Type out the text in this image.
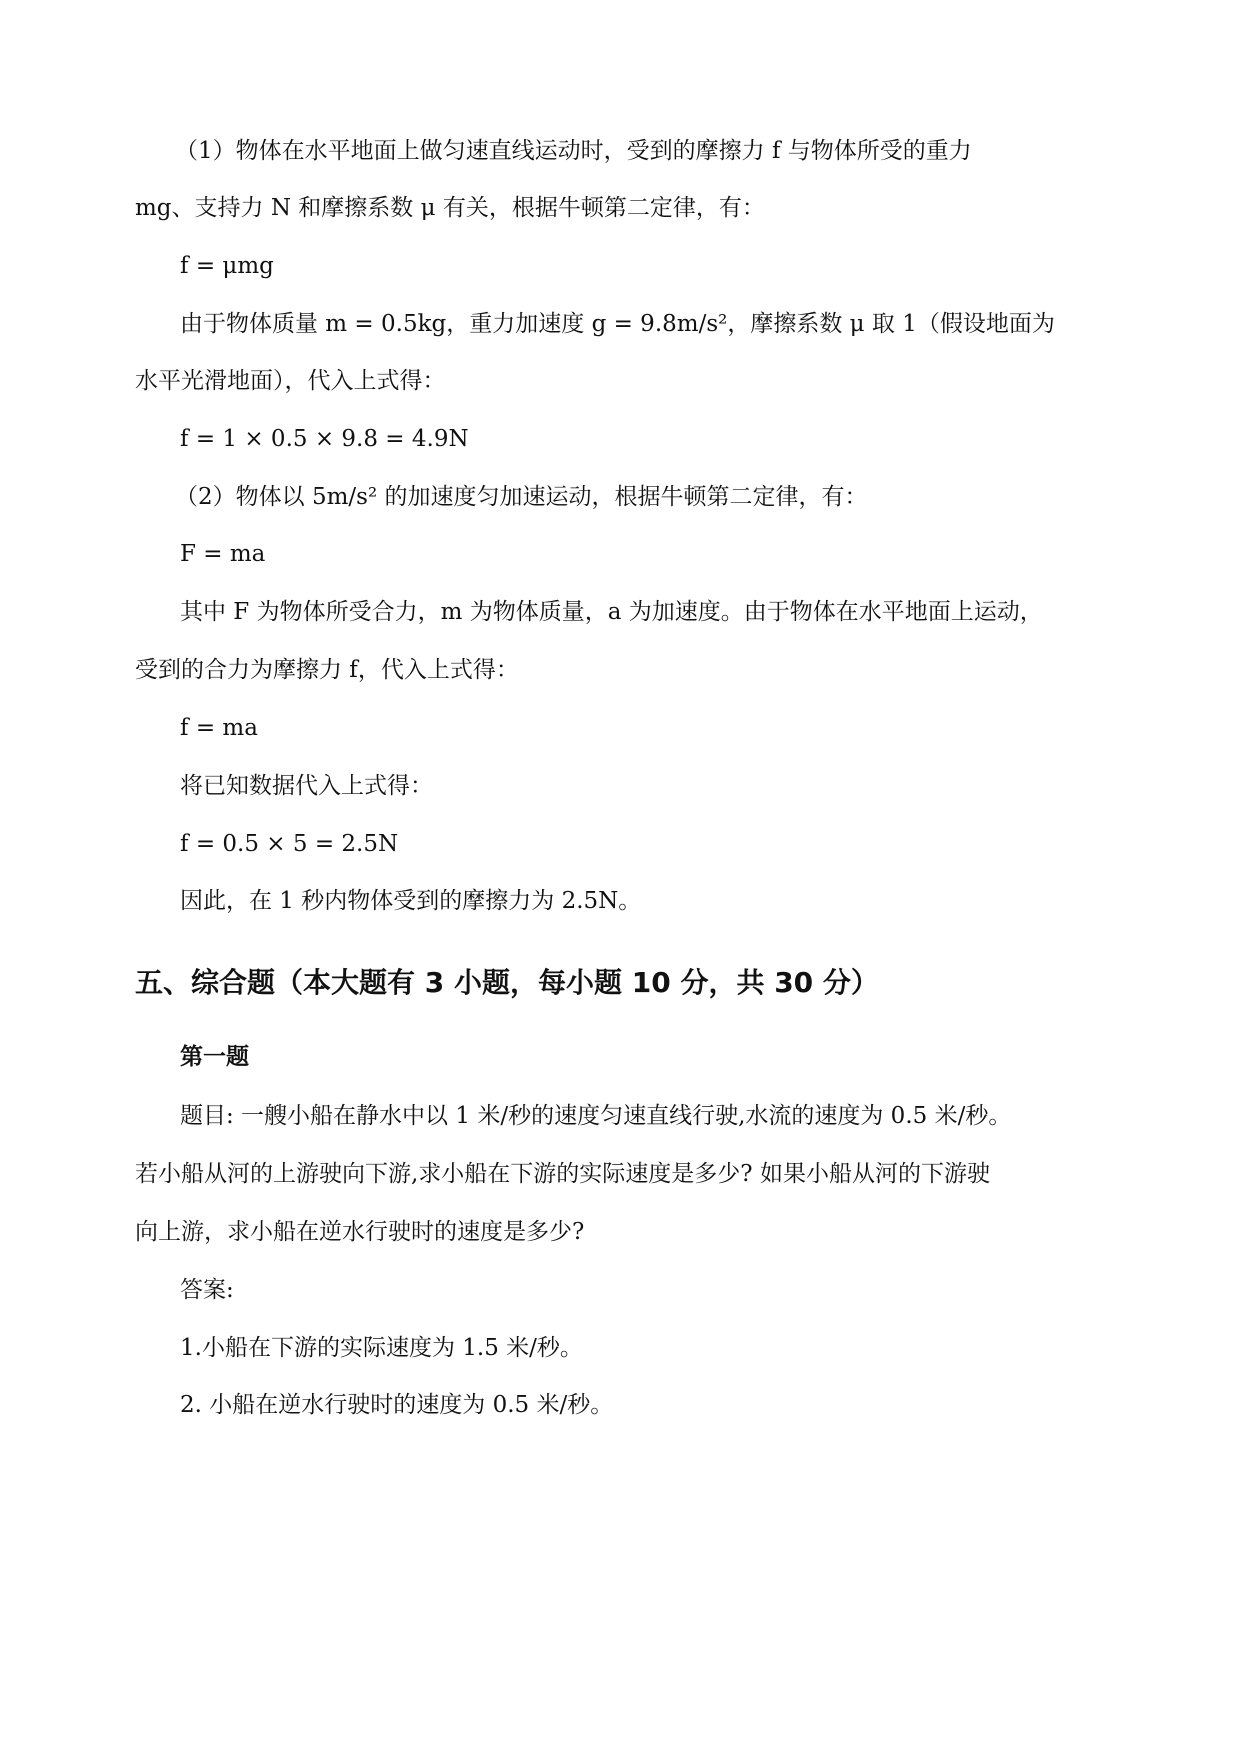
（1）物体在水平地面上做匀速直线运动时，受到的摩擦力 f 与物体所受的重力
mg、支持力 N 和摩擦系数 μ 有关，根据牛顿第二定律，有：
f = μmg
由于物体质量 m = 0.5kg，重力加速度 g = 9.8m/s²，摩擦系数 μ 取 1（假设地面为
水平光滑地面），代入上式得：
f = 1 × 0.5 × 9.8 = 4.9N
（2）物体以 5m/s² 的加速度匀加速运动，根据牛顿第二定律，有：
F = ma
其中 F 为物体所受合力，m 为物体质量，a 为加速度。由于物体在水平地面上运动，
受到的合力为摩擦力 f，代入上式得：
f = ma
将已知数据代入上式得：
f = 0.5 × 5 = 2.5N
因此，在 1 秒内物体受到的摩擦力为 2.5N。
五、综合题（本大题有 3 小题，每小题 10 分，共 30 分）
第一题
题目: 一艘小船在静水中以 1 米/秒的速度匀速直线行驶,水流的速度为 0.5 米/秒。
若小船从河的上游驶向下游,求小船在下游的实际速度是多少? 如果小船从河的下游驶
向上游，求小船在逆水行驶时的速度是多少?
答案:
1.小船在下游的实际速度为 1.5 米/秒。
2. 小船在逆水行驶时的速度为 0.5 米/秒。
